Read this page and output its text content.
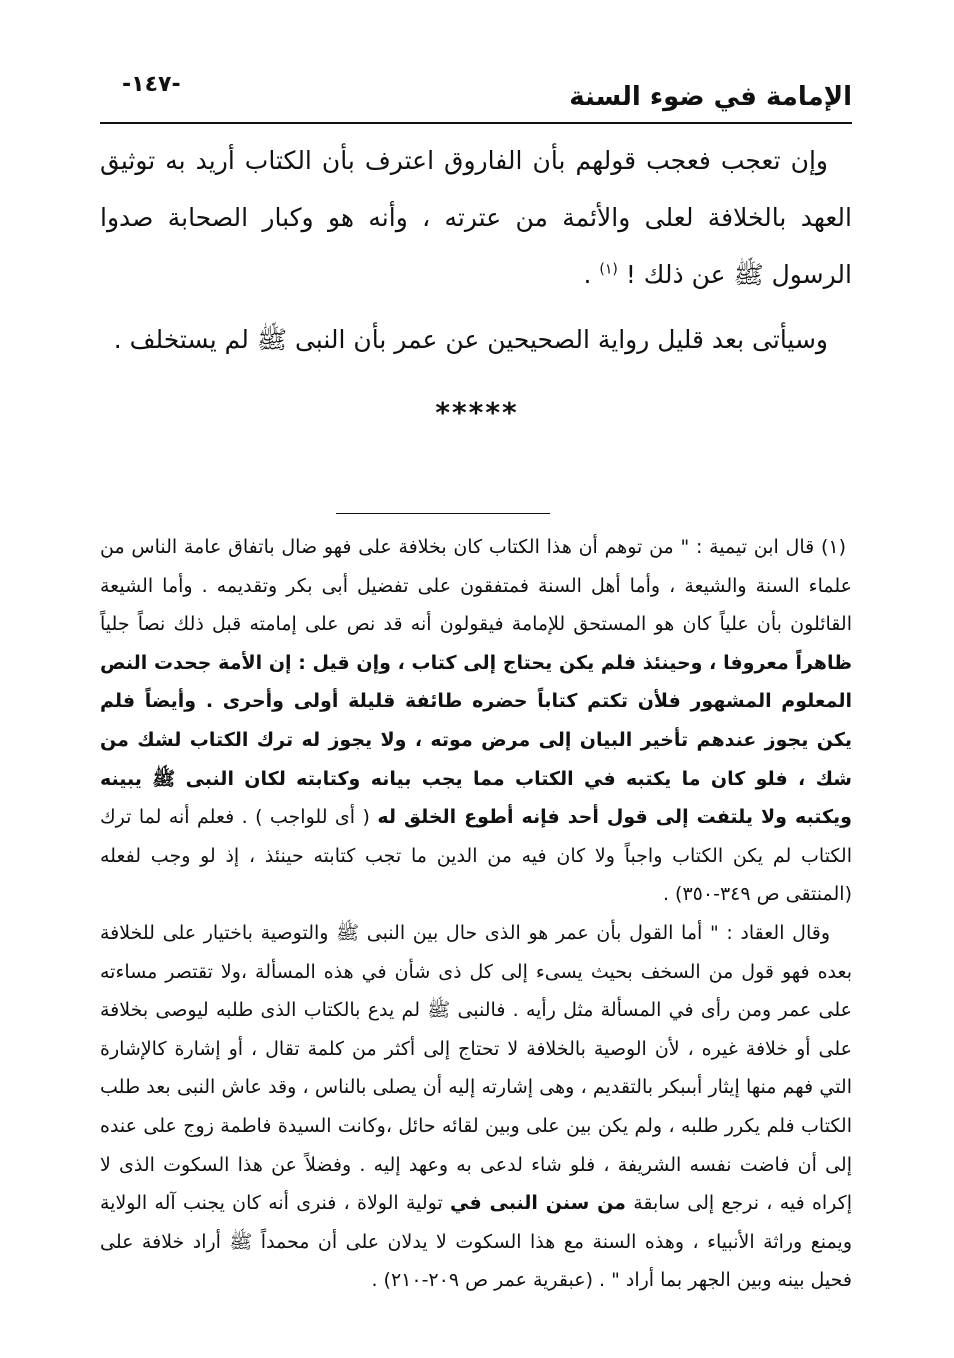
الإمامة في ضوء السنة
-١٤٧-

وإن تعجب فعجب قولهم بأن الفاروق اعترف بأن الكتاب أريد به توثيق العهد بالخلافة لعلى والأئمة من عترته ، وأنه هو وكبار الصحابة صدوا الرسول ﷺ عن ذلك ! $^{(١)}$ .

وسيأتى بعد قليل رواية الصحيحين عن عمر بأن النبى ﷺ لم يستخلف .

*****

(١) قال ابن تيمية : " من توهم أن هذا الكتاب كان بخلافة على فهو ضال باتفاق عامة الناس من علماء السنة والشيعة ، وأما أهل السنة فمتفقون على تفضيل أبى بكر وتقديمه . وأما الشيعة القائلون بأن علياً كان هو المستحق للإمامة فيقولون أنه قد نص على إمامته قبل ذلك نصاً جلياً ظاهراً معروفا ، وحينئذ فلم يكن يحتاج إلى كتاب ، وإن قيل : إن الأمة جحدت النص المعلوم المشهور فلأن تكتم كتاباً حضره طائفة قليلة أولى وأحرى . وأيضاً فلم يكن يجوز عندهم تأخير البيان إلى مرض موته ، ولا يجوز له ترك الكتاب لشك من شك ، فلو كان ما يكتبه في الكتاب مما يجب بيانه وكتابته لكان النبى ﷺ يبينه ويكتبه ولا يلتفت إلى قول أحد فإنه أطوع الخلق له ( أى للواجب ) . فعلم أنه لما ترك الكتاب لم يكن الكتاب واجباً ولا كان فيه من الدين ما تجب كتابته حينئذ ، إذ لو وجب لفعله (المنتقى ص ٣٤٩-٣٥٠) .

وقال العقاد : " أما القول بأن عمر هو الذى حال بين النبى ﷺ والتوصية باختيار على للخلافة بعده فهو قول من السخف بحيث يسىء إلى كل ذى شأن في هذه المسألة ،ولا تقتصر مساءته على عمر ومن رأى في المسألة مثل رأيه . فالنبى ﷺ لم يدع بالكتاب الذى طلبه ليوصى بخلافة على أو خلافة غيره ، لأن الوصية بالخلافة لا تحتاج إلى أكثر من كلمة تقال ، أو إشارة كالإشارة التي فهم منها إيثار أبىبكر بالتقديم ، وهى إشارته إليه أن يصلى بالناس ، وقد عاش النبى بعد طلب الكتاب فلم يكرر طلبه ، ولم يكن بين على وبين لقائه حائل ،وكانت السيدة فاطمة زوج على عنده إلى أن فاضت نفسه الشريفة ، فلو شاء لدعى به وعهد إليه . وفضلاً عن هذا السكوت الذى لا إكراه فيه ، نرجع إلى سابقة من سنن النبى في تولية الولاة ، فنرى أنه كان يجنب آله الولاية ويمنع وراثة الأنبياء ، وهذه السنة مع هذا السكوت لا يدلان على أن محمداً ﷺ أراد خلافة على فحيل بينه وبين الجهر بما أراد " . (عبقرية عمر ص ٢٠٩-٢١٠) .
